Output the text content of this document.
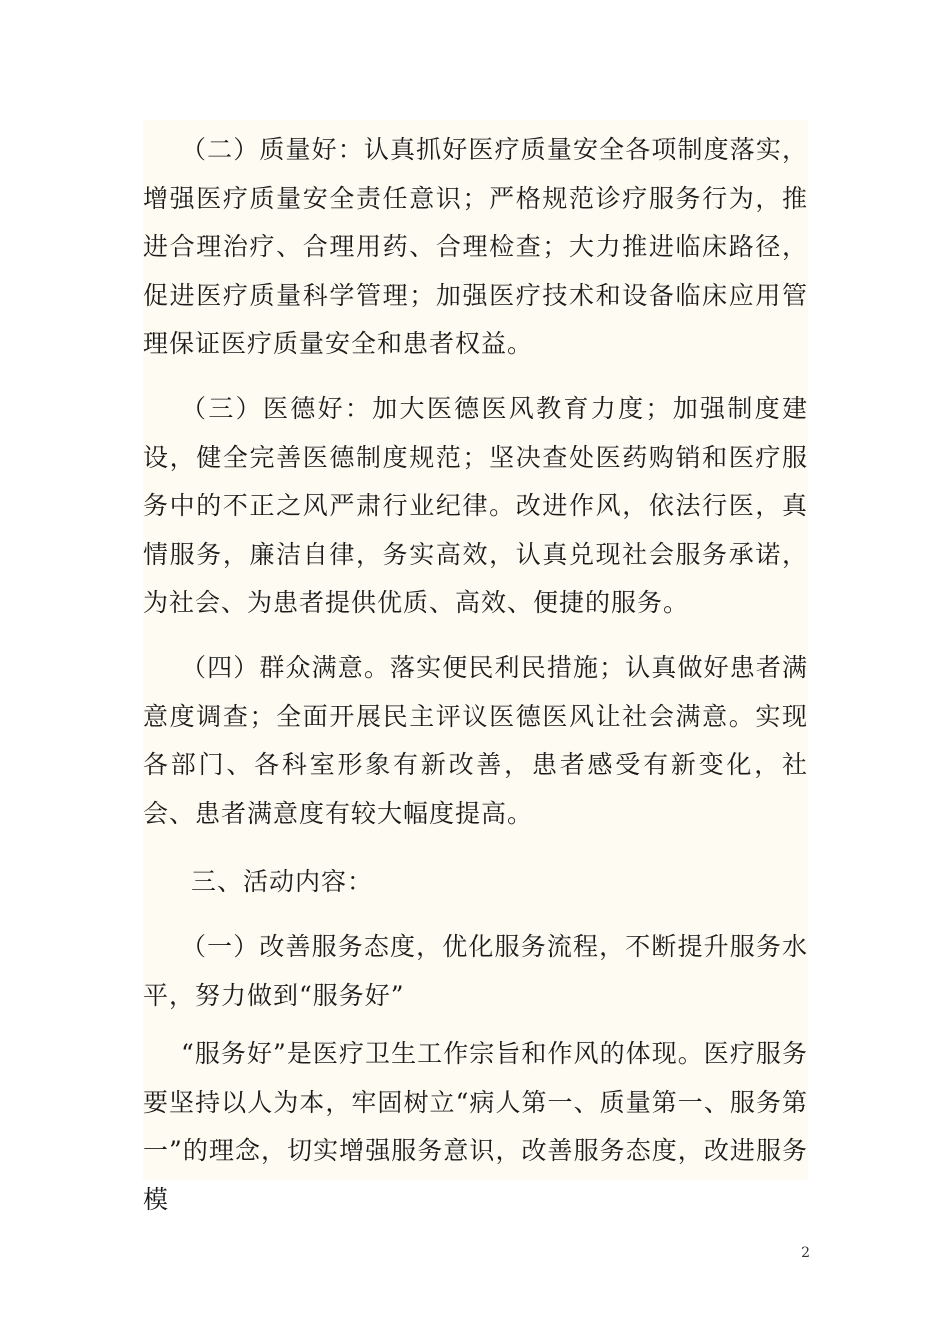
（二）质量好：认真抓好医疗质量安全各项制度落实，增强医疗质量安全责任意识；严格规范诊疗服务行为，推进合理治疗、合理用药、合理检查；大力推进临床路径，促进医疗质量科学管理；加强医疗技术和设备临床应用管理保证医疗质量安全和患者权益。

（三）医德好：加大医德医风教育力度；加强制度建设，健全完善医德制度规范；坚决查处医药购销和医疗服务中的不正之风严肃行业纪律。改进作风，依法行医，真情服务，廉洁自律，务实高效，认真兑现社会服务承诺，为社会、为患者提供优质、高效、便捷的服务。

（四）群众满意。落实便民利民措施；认真做好患者满意度调查；全面开展民主评议医德医风让社会满意。实现各部门、各科室形象有新改善，患者感受有新变化，社会、患者满意度有较大幅度提高。

三、活动内容：

（一）改善服务态度，优化服务流程，不断提升服务水平，努力做到“服务好”

“服务好”是医疗卫生工作宗旨和作风的体现。医疗服务要坚持以人为本，牢固树立“病人第一、质量第一、服务第一”的理念，切实增强服务意识，改善服务态度，改进服务模

2
